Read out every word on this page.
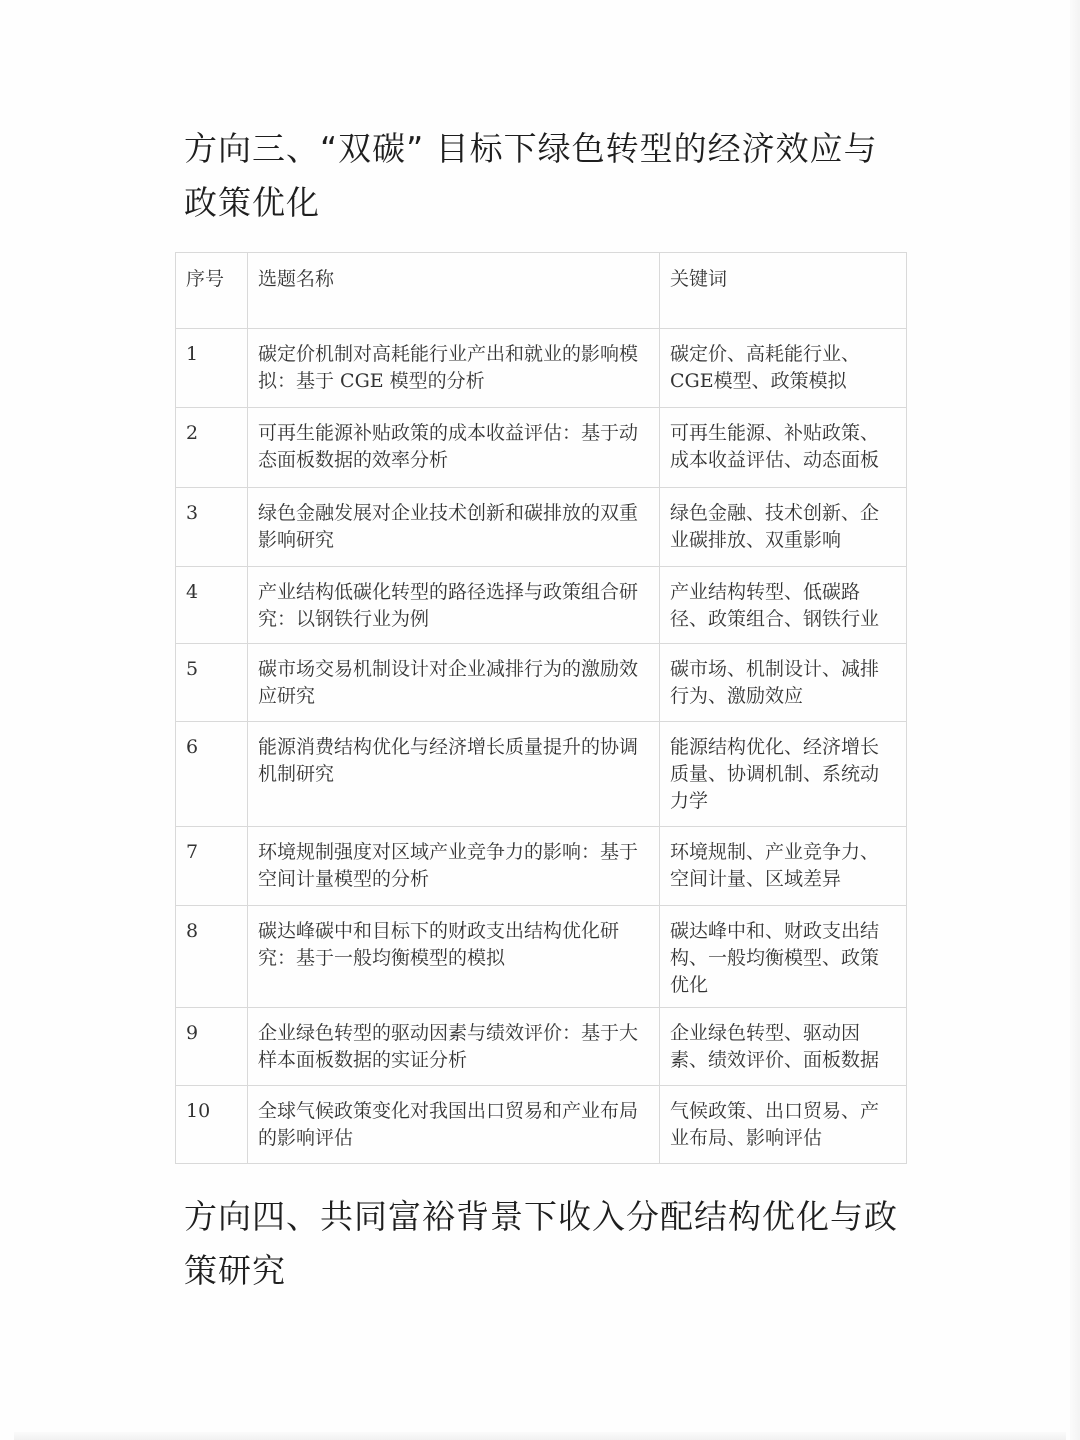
方向三、“双碳” 目标下绿色转型的经济效应与政策优化
序号	选题名称	关键词
1	碳定价机制对高耗能行业产出和就业的影响模拟：基于 CGE 模型的分析	碳定价、高耗能行业、CGE模型、政策模拟
2	可再生能源补贴政策的成本收益评估：基于动态面板数据的效率分析	可再生能源、补贴政策、成本收益评估、动态面板
3	绿色金融发展对企业技术创新和碳排放的双重影响研究	绿色金融、技术创新、企业碳排放、双重影响
4	产业结构低碳化转型的路径选择与政策组合研究：以钢铁行业为例	产业结构转型、低碳路径、政策组合、钢铁行业
5	碳市场交易机制设计对企业减排行为的激励效应研究	碳市场、机制设计、减排行为、激励效应
6	能源消费结构优化与经济增长质量提升的协调机制研究	能源结构优化、经济增长质量、协调机制、系统动力学
7	环境规制强度对区域产业竞争力的影响：基于空间计量模型的分析	环境规制、产业竞争力、空间计量、区域差异
8	碳达峰碳中和目标下的财政支出结构优化研究：基于一般均衡模型的模拟	碳达峰中和、财政支出结构、一般均衡模型、政策优化
9	企业绿色转型的驱动因素与绩效评价：基于大样本面板数据的实证分析	企业绿色转型、驱动因素、绩效评价、面板数据
10	全球气候政策变化对我国出口贸易和产业布局的影响评估	气候政策、出口贸易、产业布局、影响评估
方向四、共同富裕背景下收入分配结构优化与政策研究
